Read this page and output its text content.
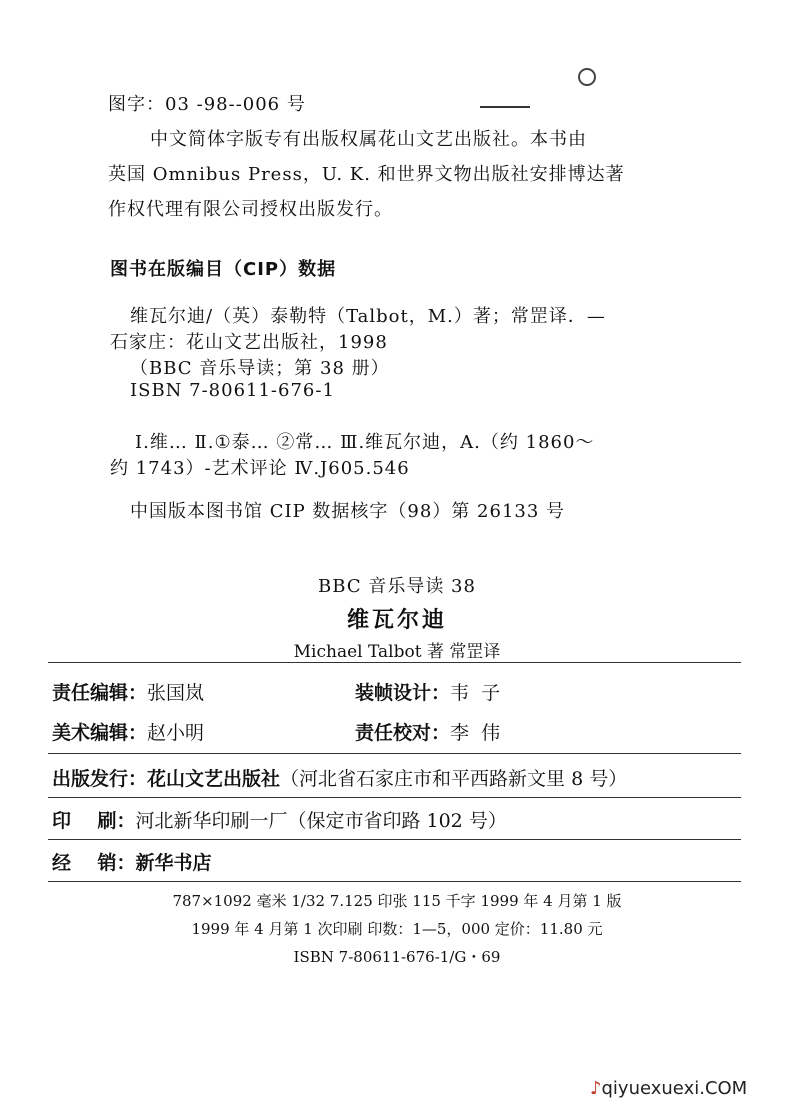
图字：03 -98--006 号
中文简体字版专有出版权属花山文艺出版社。本书由
英国 Omnibus Press，U. K. 和世界文物出版社安排博达著
作权代理有限公司授权出版发行。
图书在版编目（CIP）数据
维瓦尔迪/（英）泰勒特（Talbot，M.）著；常罡译．—
石家庄：花山文艺出版社，1998
（BBC 音乐导读；第 38 册）
ISBN 7-80611-676-1
Ⅰ.维… Ⅱ.①泰… ②常… Ⅲ.维瓦尔迪，A.（约 1860～
约 1743）-艺术评论 Ⅳ.J605.546
中国版本图书馆 CIP 数据核字（98）第 26133 号
BBC 音乐导读 38
维瓦尔迪
Michael Talbot 著 常罡译
责任编辑：张国岚	装帧设计：韦  子
美术编辑：赵小明	责任校对：李  伟
出版发行：花山文艺出版社（河北省石家庄市和平西路新文里 8 号）
印    刷：河北新华印刷一厂（保定市省印路 102 号）
经    销：新华书店
787×1092 毫米 1/32 7.125 印张 115 千字 1999 年 4 月第 1 版
1999 年 4 月第 1 次印刷 印数：1—5，000 定价：11.80 元
ISBN 7-80611-676-1/G・69
♪qiyuexuexi.COM
